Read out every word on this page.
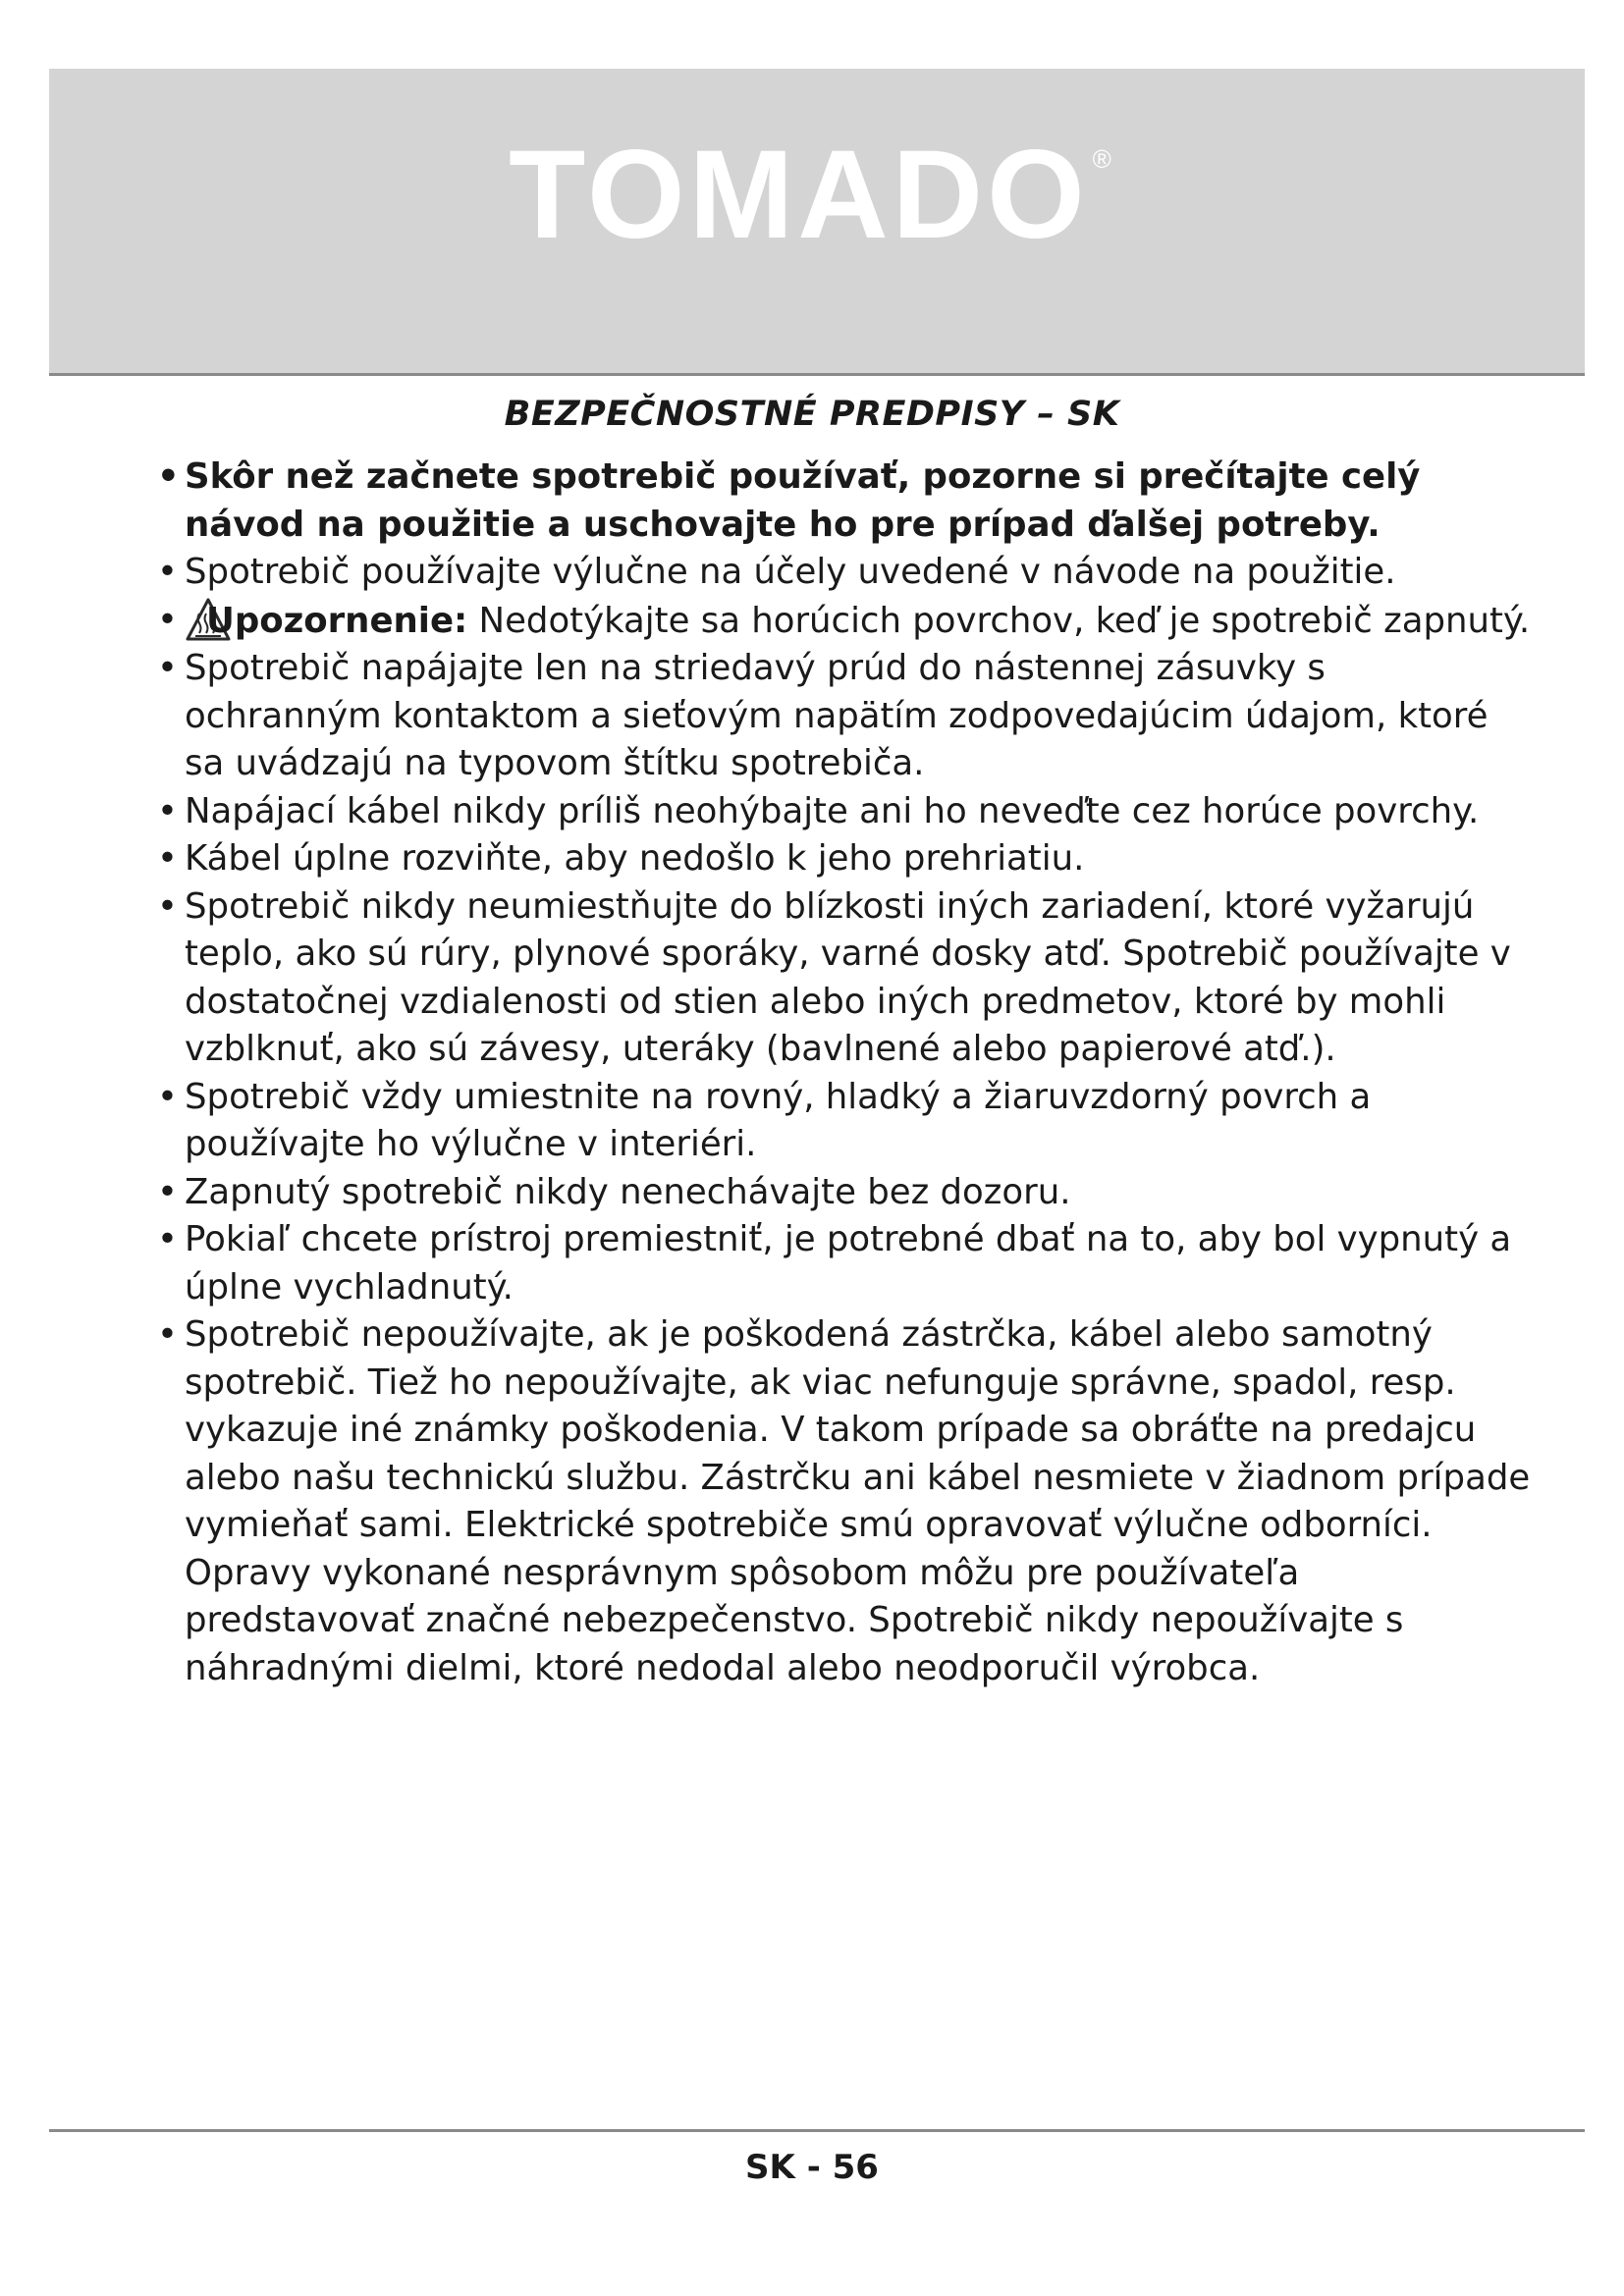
TOMADO ®
BEZPEČNOSTNÉ PREDPISY – SK
• Skôr než začnete spotrebič používať, pozorne si prečítajte celý návod na použitie a uschovajte ho pre prípad ďalšej potreby.
• Spotrebič používajte výlučne na účely uvedené v návode na použitie.
• Upozornenie: Nedotýkajte sa horúcich povrchov, keď je spotrebič zapnutý.
• Spotrebič napájajte len na striedavý prúd do nástennej zásuvky s ochranným kontaktom a sieťovým napätím zodpovedajúcim údajom, ktoré sa uvádzajú na typovom štítku spotrebiča.
• Napájací kábel nikdy príliš neohýbajte ani ho neveďte cez horúce povrchy.
• Kábel úplne rozviňte, aby nedošlo k jeho prehriatiu.
• Spotrebič nikdy neumiestňujte do blízkosti iných zariadení, ktoré vyžarujú teplo, ako sú rúry, plynové sporáky, varné dosky atď. Spotrebič používajte v dostatočnej vzdialenosti od stien alebo iných predmetov, ktoré by mohli vzblknuť, ako sú závesy, uteráky (bavlnené alebo papierové atď.).
• Spotrebič vždy umiestnite na rovný, hladký a žiaruvzdorný povrch a používajte ho výlučne v interiéri.
• Zapnutý spotrebič nikdy nenechávajte bez dozoru.
• Pokiaľ chcete prístroj premiestniť, je potrebné dbať na to, aby bol vypnutý a úplne vychladnutý.
• Spotrebič nepoužívajte, ak je poškodená zástrčka, kábel alebo samotný spotrebič. Tiež ho nepoužívajte, ak viac nefunguje správne, spadol, resp. vykazuje iné známky poškodenia. V takom prípade sa obráťte na predajcu alebo našu technickú službu. Zástrčku ani kábel nesmiete v žiadnom prípade vymieňať sami. Elektrické spotrebiče smú opravovať výlučne odborníci. Opravy vykonané nesprávnym spôsobom môžu pre používateľa predstavovať značné nebezpečenstvo. Spotrebič nikdy nepoužívajte s náhradnými dielmi, ktoré nedodal alebo neodporučil výrobca.
SK - 56
